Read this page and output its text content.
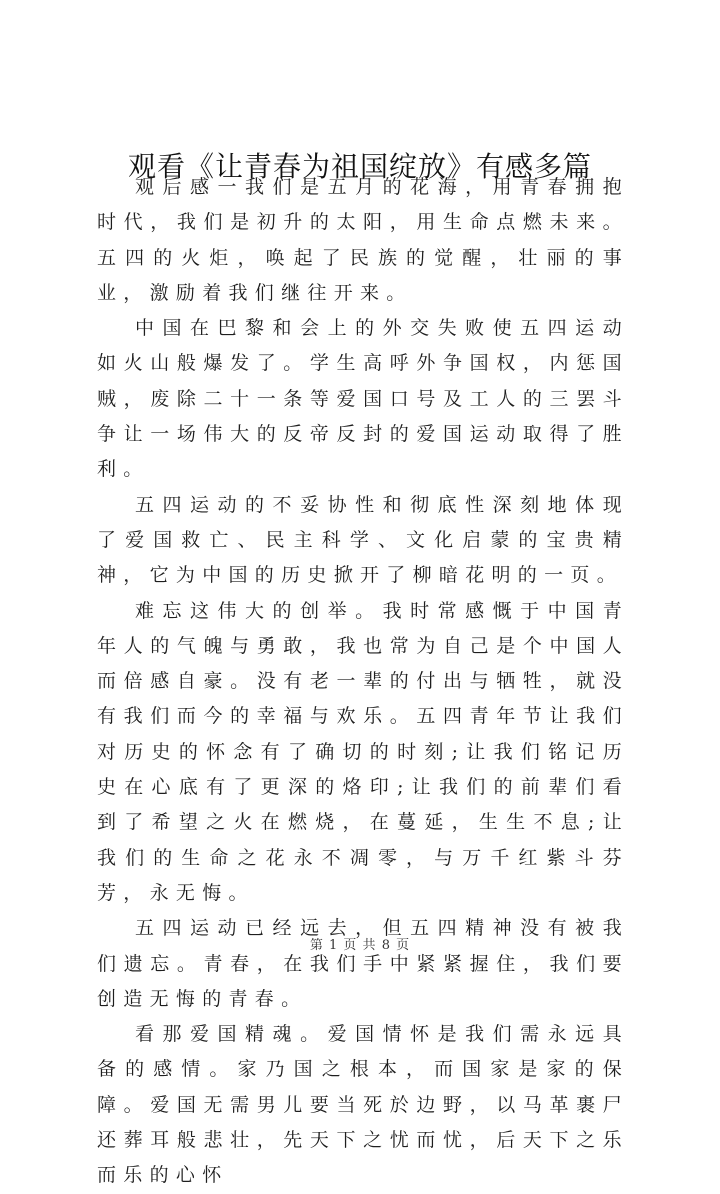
观看《让青春为祖国绽放》有感多篇

观后感一我们是五月的花海，用青春拥抱时代，我们是初升的太阳，用生命点燃未来。五四的火炬，唤起了民族的觉醒，壮丽的事业，激励着我们继往开来。

中国在巴黎和会上的外交失败使五四运动如火山般爆发了。学生高呼外争国权，内惩国贼，废除二十一条等爱国口号及工人的三罢斗争让一场伟大的反帝反封的爱国运动取得了胜利。

五四运动的不妥协性和彻底性深刻地体现了爱国救亡、民主科学、文化启蒙的宝贵精神，它为中国的历史掀开了柳暗花明的一页。

难忘这伟大的创举。我时常感慨于中国青年人的气魄与勇敢，我也常为自己是个中国人而倍感自豪。没有老一辈的付出与牺牲，就没有我们而今的幸福与欢乐。五四青年节让我们对历史的怀念有了确切的时刻;让我们铭记历史在心底有了更深的烙印;让我们的前辈们看到了希望之火在燃烧，在蔓延，生生不息;让我们的生命之花永不凋零，与万千红紫斗芬芳，永无悔。

五四运动已经远去，但五四精神没有被我们遗忘。青春，在我们手中紧紧握住，我们要创造无悔的青春。

看那爱国精魂。爱国情怀是我们需永远具备的感情。家乃国之根本，而国家是家的保障。爱国无需男儿要当死於边野，以马革裹尸还葬耳般悲壮，先天下之忧而忧，后天下之乐而乐的心怀

第 1 页 共 8 页
